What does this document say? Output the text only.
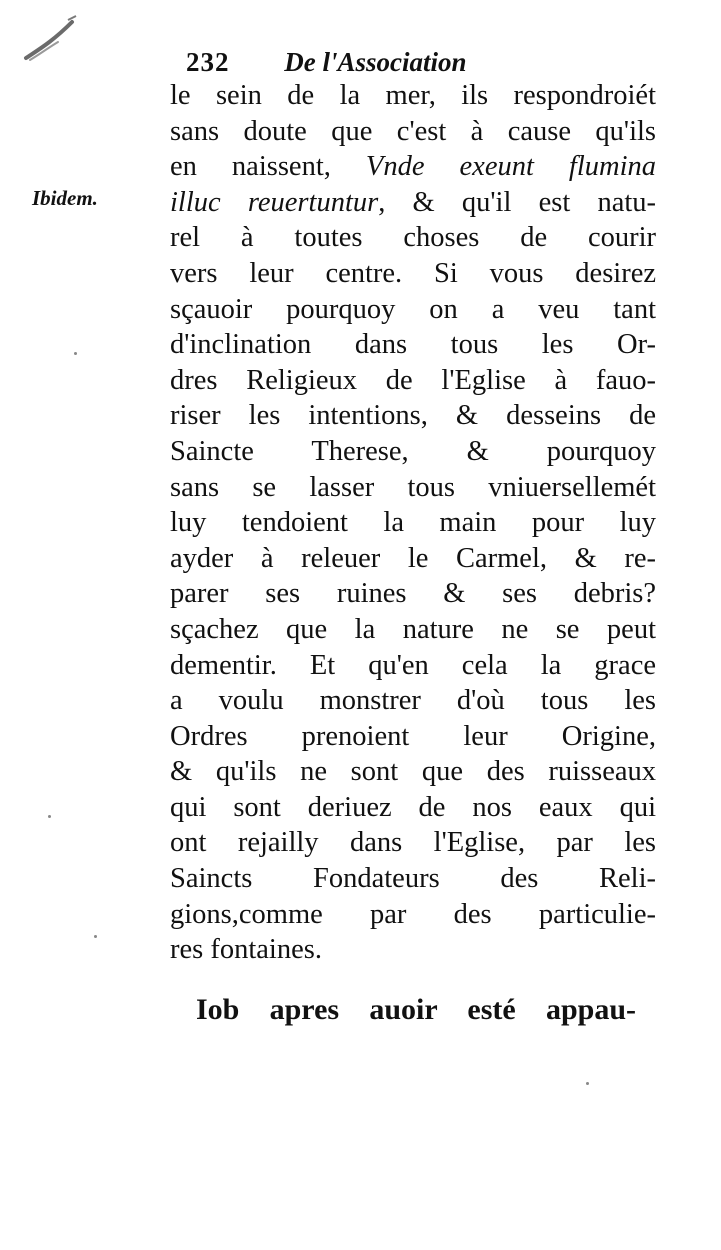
232 De l'Association
Ibidem.
le sein de la mer, ils respondroiét
sans doute que c'est à cause qu'ils
en naissent, Vnde exeunt flumina
illuc reuertuntur, & qu'il est natu-
rel à toutes choses de courir
vers leur centre. Si vous desirez
sçauoir pourquoy on a veu tant
d'inclination dans tous les Or-
dres Religieux de l'Eglise à fauo-
riser les intentions, & desseins de
Saincte Therese, & pourquoy
sans se lasser tous vniuersellemét
luy tendoient la main pour luy
ayder à releuer le Carmel, & re-
parer ses ruines & ses debris?
sçachez que la nature ne se peut
dementir. Et qu'en cela la grace
a voulu monstrer d'où tous les
Ordres prenoient leur Origine,
& qu'ils ne sont que des ruisseaux
qui sont deriuez de nos eaux qui
ont rejailly dans l'Eglise, par les
Saincts Fondateurs des Reli-
gions,comme par des particulie-
res fontaines.
Iob apres auoir esté appau-
